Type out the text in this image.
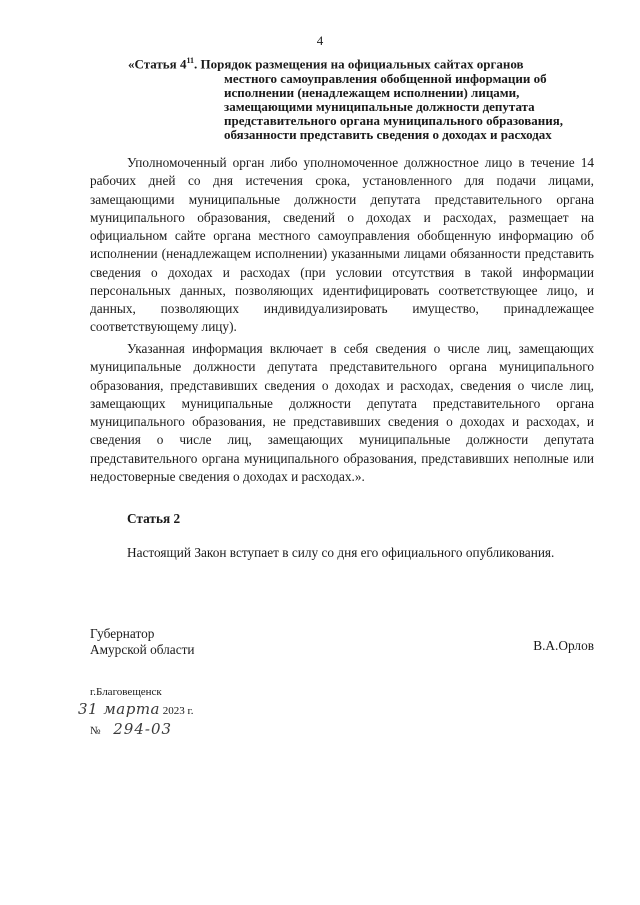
4
«Статья $4^{11}$. Порядок размещения на официальных сайтах органов
местного самоуправления обобщенной информации об исполнении (ненадлежащем исполнении) лицами, замещающими муниципальные должности депутата представительного органа муниципального образования, обязанности представить сведения о доходах и расходах

Уполномоченный орган либо уполномоченное должностное лицо в течение 14 рабочих дней со дня истечения срока, установленного для подачи лицами, замещающими муниципальные должности депутата представительного органа муниципального образования, сведений о доходах и расходах, размещает на официальном сайте органа местного самоуправления обобщенную информацию об исполнении (ненадлежащем исполнении) указанными лицами обязанности представить сведения о доходах и расходах (при условии отсутствия в такой информации персональных данных, позволяющих идентифицировать соответствующее лицо, и данных, позволяющих индивидуализировать имущество, принадлежащее соответствующему лицу).

Указанная информация включает в себя сведения о числе лиц, замещающих муниципальные должности депутата представительного органа муниципального образования, представивших сведения о доходах и расходах, сведения о числе лиц, замещающих муниципальные должности депутата представительного органа муниципального образования, не представивших сведения о доходах и расходах, и сведения о числе лиц, замещающих муниципальные должности депутата представительного органа муниципального образования, представивших неполные или недостоверные сведения о доходах и расходах.».

Статья 2

Настоящий Закон вступает в силу со дня его официального опубликования.

Губернатор
Амурской области	В.А.Орлов
г.Благовещенск
31 марта 2023 г.
№ 294-03
